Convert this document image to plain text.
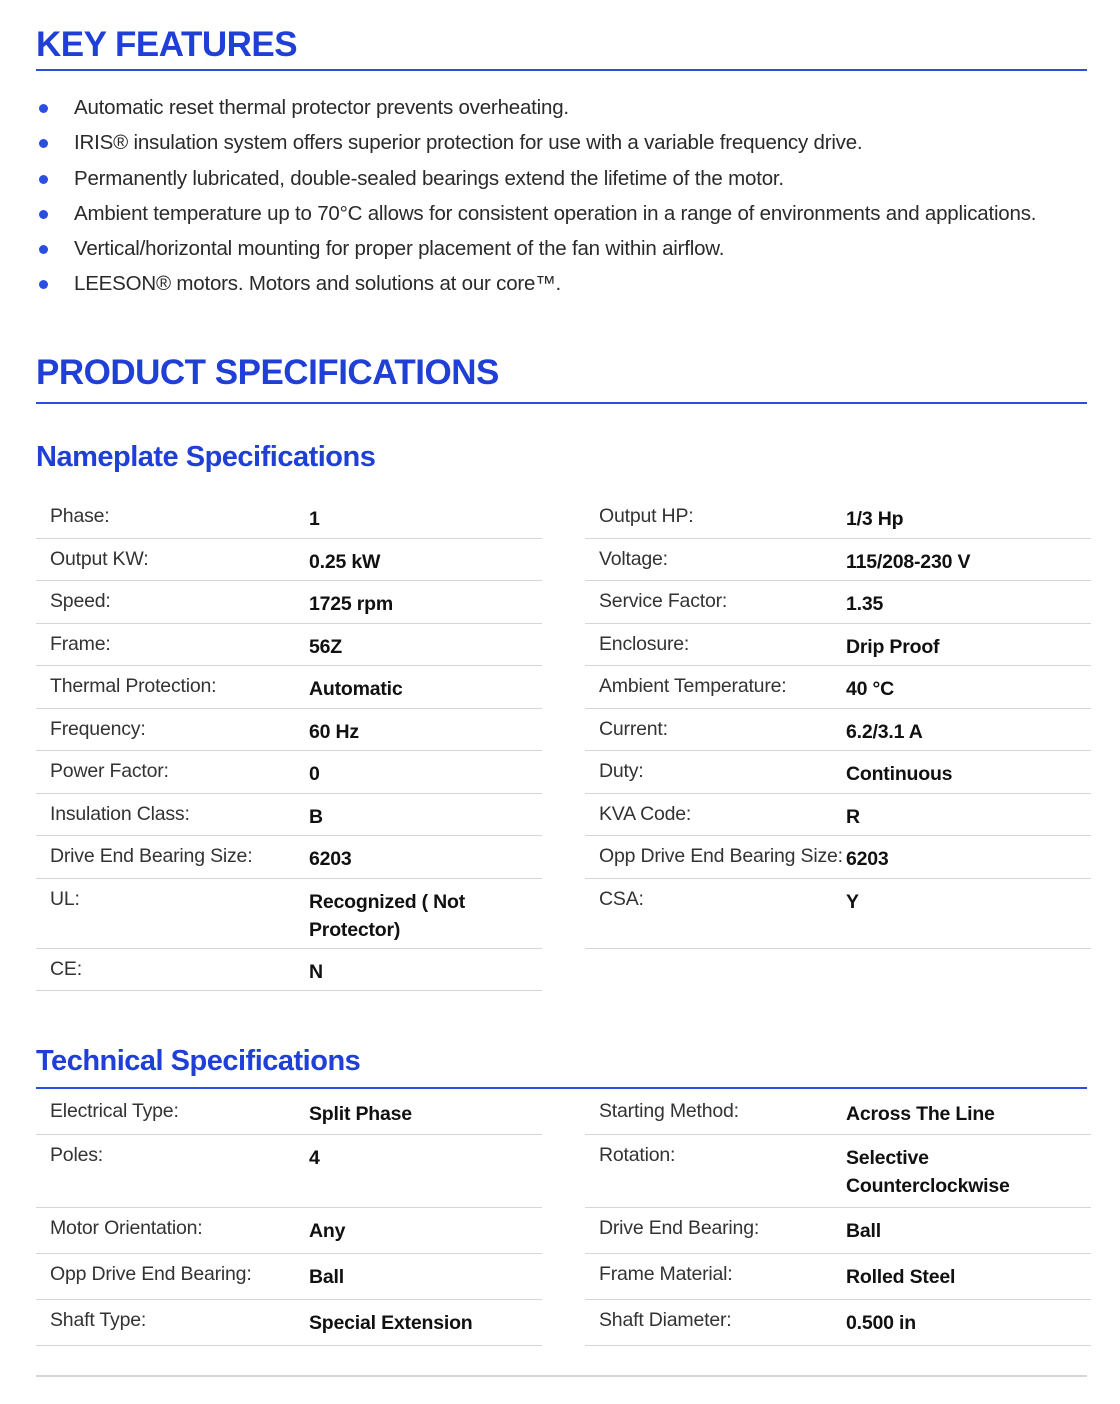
KEY FEATURES
Automatic reset thermal protector prevents overheating.
IRIS® insulation system offers superior protection for use with a variable frequency drive.
Permanently lubricated, double-sealed bearings extend the lifetime of the motor.
Ambient temperature up to 70°C allows for consistent operation in a range of environments and applications.
Vertical/horizontal mounting for proper placement of the fan within airflow.
LEESON® motors. Motors and solutions at our core™.
PRODUCT SPECIFICATIONS
Nameplate Specifications
Phase:	1
Output KW:	0.25 kW
Speed:	1725 rpm
Frame:	56Z
Thermal Protection:	Automatic
Frequency:	60 Hz
Power Factor:	0
Insulation Class:	B
Drive End Bearing Size:	6203
UL:	Recognized ( Not Protector)
CE:	N
Output HP:	1/3 Hp
Voltage:	115/208-230 V
Service Factor:	1.35
Enclosure:	Drip Proof
Ambient Temperature:	40 °C
Current:	6.2/3.1 A
Duty:	Continuous
KVA Code:	R
Opp Drive End Bearing Size: 6203
CSA:	Y
Technical Specifications
Electrical Type:	Split Phase
Poles:	4
Motor Orientation:	Any
Opp Drive End Bearing:	Ball
Shaft Type:	Special Extension
Starting Method:	Across The Line
Rotation:	Selective Counterclockwise
Drive End Bearing:	Ball
Frame Material:	Rolled Steel
Shaft Diameter:	0.500 in
